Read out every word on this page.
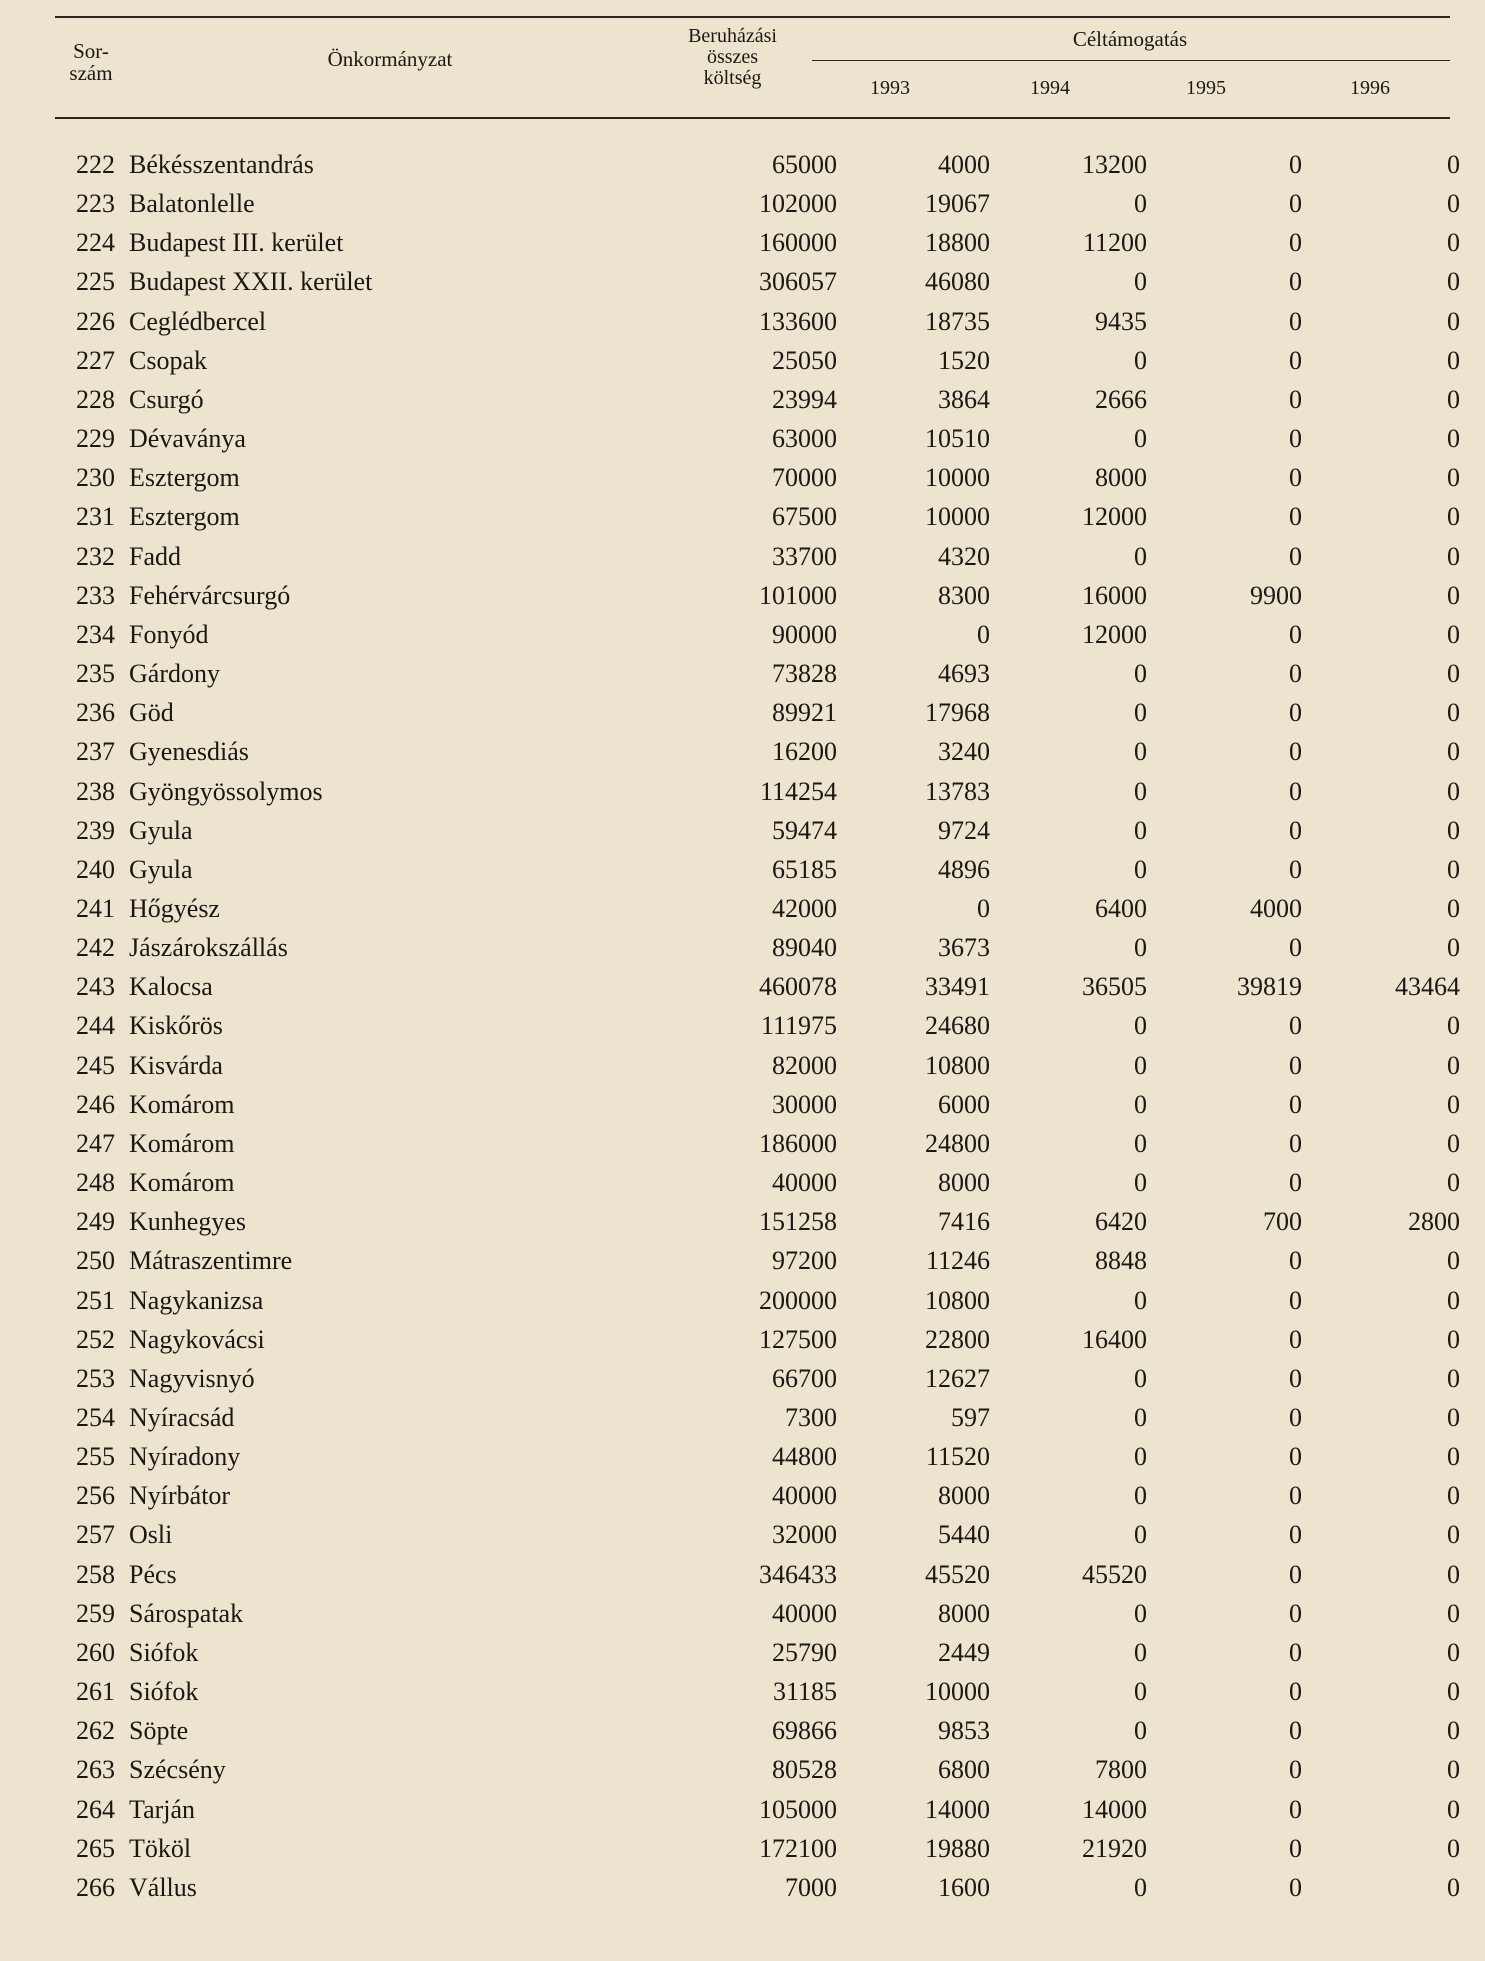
Sor- szám
Önkormányzat
Beruházási
összes
költség
Céltámogatás
1993	1994	1995	1996
222	Békésszentandrás	65000	4000	13200	0	0
223	Balatonlelle	102000	19067	0	0	0
224	Budapest III. kerület	160000	18800	11200	0	0
225	Budapest XXII. kerület	306057	46080	0	0	0
226	Ceglédbercel	133600	18735	9435	0	0
227	Csopak	25050	1520	0	0	0
228	Csurgó	23994	3864	2666	0	0
229	Dévaványa	63000	10510	0	0	0
230	Esztergom	70000	10000	8000	0	0
231	Esztergom	67500	10000	12000	0	0
232	Fadd	33700	4320	0	0	0
233	Fehérvárcsurgó	101000	8300	16000	9900	0
234	Fonyód	90000	0	12000	0	0
235	Gárdony	73828	4693	0	0	0
236	Göd	89921	17968	0	0	0
237	Gyenesdiás	16200	3240	0	0	0
238	Gyöngyössolymos	114254	13783	0	0	0
239	Gyula	59474	9724	0	0	0
240	Gyula	65185	4896	0	0	0
241	Hőgyész	42000	0	6400	4000	0
242	Jászárokszállás	89040	3673	0	0	0
243	Kalocsa	460078	33491	36505	39819	43464
244	Kiskőrös	111975	24680	0	0	0
245	Kisvárda	82000	10800	0	0	0
246	Komárom	30000	6000	0	0	0
247	Komárom	186000	24800	0	0	0
248	Komárom	40000	8000	0	0	0
249	Kunhegyes	151258	7416	6420	700	2800
250	Mátraszentimre	97200	11246	8848	0	0
251	Nagykanizsa	200000	10800	0	0	0
252	Nagykovácsi	127500	22800	16400	0	0
253	Nagyvisnyó	66700	12627	0	0	0
254	Nyíracsád	7300	597	0	0	0
255	Nyíradony	44800	11520	0	0	0
256	Nyírbátor	40000	8000	0	0	0
257	Osli	32000	5440	0	0	0
258	Pécs	346433	45520	45520	0	0
259	Sárospatak	40000	8000	0	0	0
260	Siófok	25790	2449	0	0	0
261	Siófok	31185	10000	0	0	0
262	Söpte	69866	9853	0	0	0
263	Szécsény	80528	6800	7800	0	0
264	Tarján	105000	14000	14000	0	0
265	Tököl	172100	19880	21920	0	0
266	Vállus	7000	1600	0	0	0
